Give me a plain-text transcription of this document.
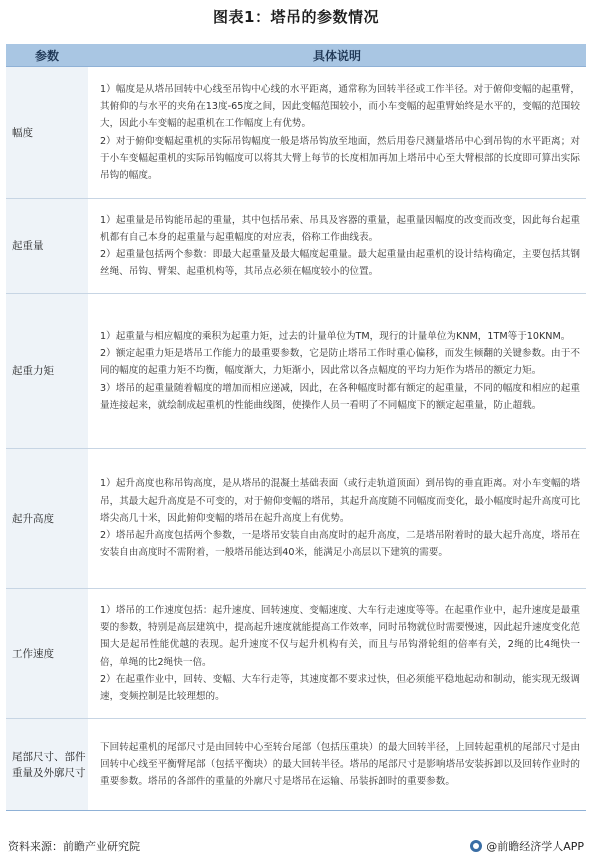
图表1：塔吊的参数情况
参数	具体说明
幅度	1）幅度是从塔吊回转中心线至吊钩中心线的水平距离，通常称为回转半径或工作半径。对于俯仰变幅的起重臂，其俯仰的与水平的夹角在13度-65度之间，因此变幅范围较小，而小车变幅的起重臂始终是水平的，变幅的范围较大，因此小车变幅的起重机在工作幅度上有优势。

2）对于俯仰变幅起重机的实际吊钩幅度一般是塔吊钩放至地面，然后用卷尺测量塔吊中心到吊钩的水平距离；对于小车变幅起重机的实际吊钩幅度可以将其大臂上每节的长度相加再加上塔吊中心至大臂根部的长度即可算出实际吊钩的幅度。

起重量	1）起重量是吊钩能吊起的重量，其中包括吊索、吊具及容器的重量，起重量因幅度的改变而改变，因此每台起重机都有自己本身的起重量与起重幅度的对应表，俗称工作曲线表。

2）起重量包括两个参数：即最大起重量及最大幅度起重量。最大起重量由起重机的设计结构确定，主要包括其钢丝绳、吊钩、臂架、起重机构等，其吊点必须在幅度较小的位置。

起重力矩	1）起重量与相应幅度的乘积为起重力矩，过去的计量单位为TM，现行的计量单位为KNM，1TM等于10KNM。

2）额定起重力矩是塔吊工作能力的最重要参数，它是防止塔吊工作时重心偏移，而发生倾翻的关键参数。由于不同的幅度的起重力矩不均衡，幅度渐大，力矩渐小，因此常以各点幅度的平均力矩作为塔吊的额定力矩。

3）塔吊的起重量随着幅度的增加而相应递减，因此，在各种幅度时都有额定的起重量，不同的幅度和相应的起重量连接起来，就绘制成起重机的性能曲线图，使操作人员一看明了不同幅度下的额定起重量，防止超载。

起升高度	1）起升高度也称吊钩高度，是从塔吊的混凝土基础表面（或行走轨道顶面）到吊钩的垂直距离。对小车变幅的塔吊，其最大起升高度是不可变的，对于俯仰变幅的塔吊，其起升高度随不同幅度而变化，最小幅度时起升高度可比塔尖高几十米，因此俯仰变幅的塔吊在起升高度上有优势。

2）塔吊起升高度包括两个参数，一是塔吊安装自由高度时的起升高度，二是塔吊附着时的最大起升高度，塔吊在安装自由高度时不需附着，一般塔吊能达到40米，能满足小高层以下建筑的需要。

工作速度	1）塔吊的工作速度包括：起升速度、回转速度、变幅速度、大车行走速度等等。在起重作业中，起升速度是最重要的参数，特别是高层建筑中，提高起升速度就能提高工作效率，同时吊物就位时需要慢速，因此起升速度变化范围大是起吊性能优越的表现。起升速度不仅与起升机构有关，而且与吊钩滑轮组的倍率有关，2绳的比4绳快一倍，单绳的比2绳快一倍。

2）在起重作业中，回转、变幅、大车行走等，其速度都不要求过快，但必须能平稳地起动和制动，能实现无级调速，变频控制是比较理想的。

尾部尺寸、部件重量及外廓尺寸	下回转起重机的尾部尺寸是由回转中心至转台尾部（包括压重块）的最大回转半径，上回转起重机的尾部尺寸是由回转中心线至平衡臂尾部（包括平衡块）的最大回转半径。塔吊的尾部尺寸是影响塔吊安装拆卸以及回转作业时的重要参数。塔吊的各部件的重量的外廓尺寸是塔吊在运输、吊装拆卸时的重要参数。

资料来源：前瞻产业研究院	@前瞻经济学人APP
